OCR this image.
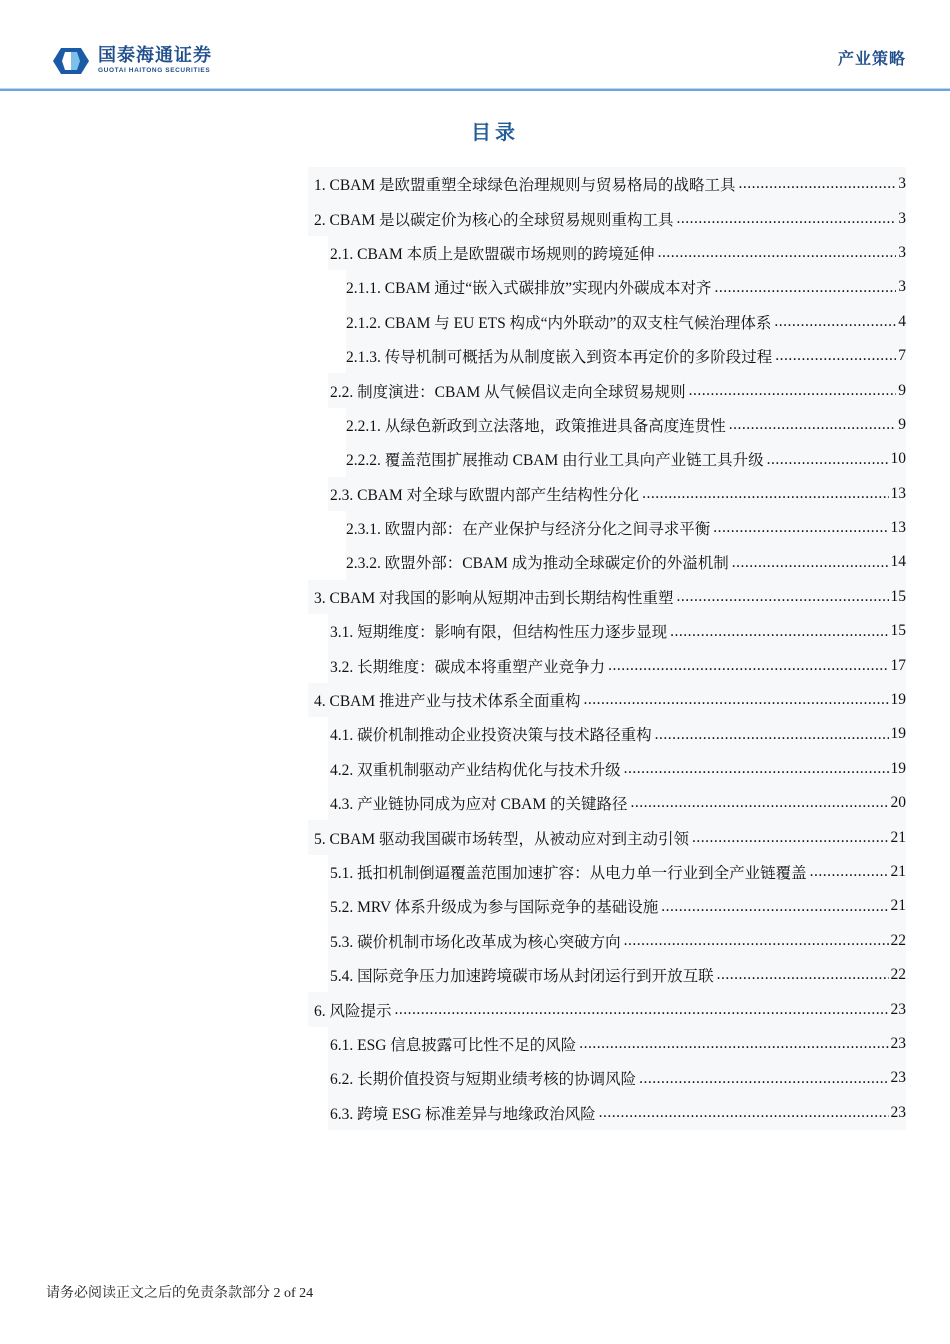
国泰海通证券
GUOTAI HAITONG SECURITIES
产业策略
目录
1. CBAM 是欧盟重塑全球绿色治理规则与贸易格局的战略工具 .....	3
2. CBAM 是以碳定价为核心的全球贸易规则重构工具 .....	3
2.1. CBAM 本质上是欧盟碳市场规则的跨境延伸 .....	3
2.1.1. CBAM 通过“嵌入式碳排放”实现内外碳成本对齐 .....	3
2.1.2. CBAM 与 EU ETS 构成“内外联动”的双支柱气候治理体系 .....	4
2.1.3. 传导机制可概括为从制度嵌入到资本再定价的多阶段过程 .....	7
2.2. 制度演进：CBAM 从气候倡议走向全球贸易规则 .....	9
2.2.1. 从绿色新政到立法落地，政策推进具备高度连贯性 .....	9
2.2.2. 覆盖范围扩展推动 CBAM 由行业工具向产业链工具升级 .....	10
2.3. CBAM 对全球与欧盟内部产生结构性分化 .....	13
2.3.1. 欧盟内部：在产业保护与经济分化之间寻求平衡 .....	13
2.3.2. 欧盟外部：CBAM 成为推动全球碳定价的外溢机制 .....	14
3. CBAM 对我国的影响从短期冲击到长期结构性重塑 .....	15
3.1. 短期维度：影响有限，但结构性压力逐步显现 .....	15
3.2. 长期维度：碳成本将重塑产业竞争力 .....	17
4. CBAM 推进产业与技术体系全面重构 .....	19
4.1. 碳价机制推动企业投资决策与技术路径重构 .....	19
4.2. 双重机制驱动产业结构优化与技术升级 .....	19
4.3. 产业链协同成为应对 CBAM 的关键路径 .....	20
5. CBAM 驱动我国碳市场转型，从被动应对到主动引领 .....	21
5.1. 抵扣机制倒逼覆盖范围加速扩容：从电力单一行业到全产业链覆盖 .....	21
5.2. MRV 体系升级成为参与国际竞争的基础设施 .....	21
5.3. 碳价机制市场化改革成为核心突破方向 .....	22
5.4. 国际竞争压力加速跨境碳市场从封闭运行到开放互联 .....	22
6. 风险提示 .....	23
6.1. ESG 信息披露可比性不足的风险 .....	23
6.2. 长期价值投资与短期业绩考核的协调风险 .....	23
6.3. 跨境 ESG 标准差异与地缘政治风险 .....	23
请务必阅读正文之后的免责条款部分 2 of 24
